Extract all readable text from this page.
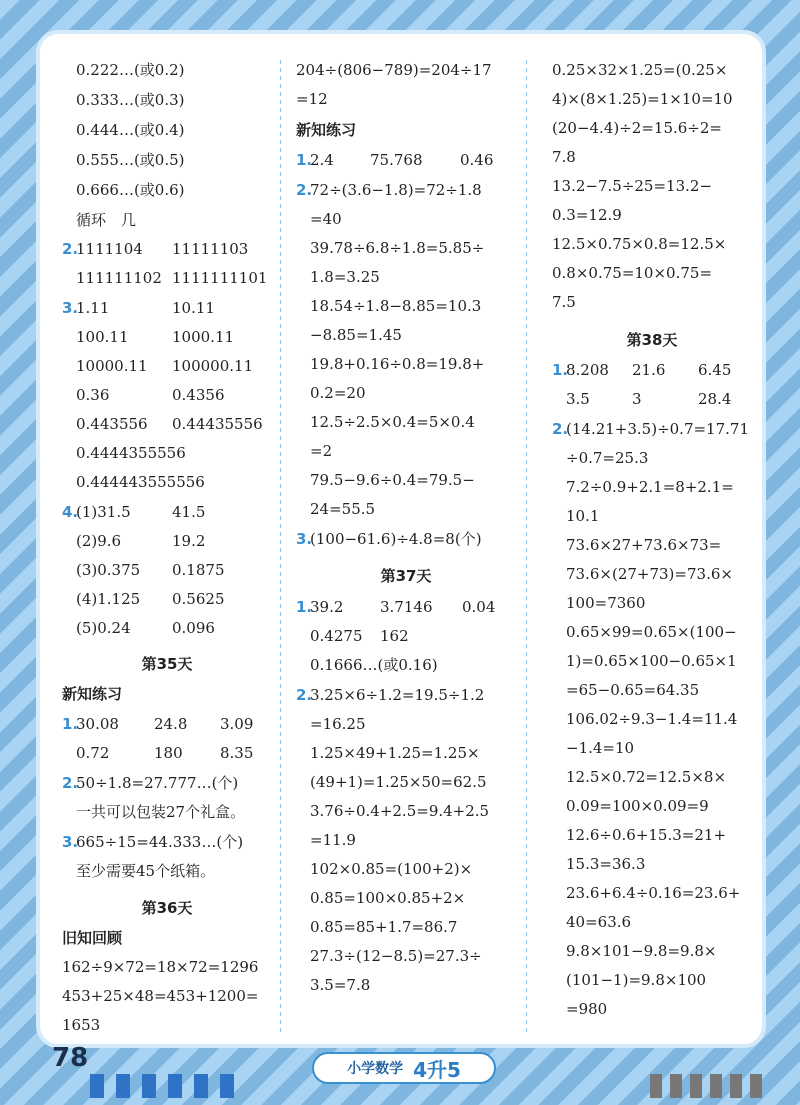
0.222…(或0.2)
0.333…(或0.3)
0.444…(或0.4)
0.555…(或0.5)
0.666…(或0.6)
循环　几
2.
1111104 11111103
111111102 1111111101
3.
1.11	10.11
100.11	1000.11
10000.11 100000.11
0.36	0.4356
0.443556 0.44435556
0.4444355556
0.444443555556
4.
(1)31.5	41.5
(2)9.6	19.2
(3)0.375 0.1875
(4)1.125 0.5625
(5)0.24	0.096
第35天
新知练习
1.
30.08 24.8 3.09
0.72	180 8.35
2.
50÷1.8=27.777…(个)
一共可以包装27个礼盒。
3.
665÷15=44.333…(个)
至少需要45个纸箱。
第36天
旧知回顾
162÷9×72=18×72=1296
453+25×48=453+1200=
1653
204÷(806−789)=204÷17
=12
新知练习
1.
2.4 75.768	0.46
2.
72÷(3.6−1.8)=72÷1.8
=40
39.78÷6.8÷1.8=5.85÷
1.8=3.25
18.54÷1.8−8.85=10.3
−8.85=1.45
19.8+0.16÷0.8=19.8+
0.2=20
12.5÷2.5×0.4=5×0.4
=2
79.5−9.6÷0.4=79.5−
24=55.5
3.
(100−61.6)÷4.8=8(个)
第37天
1.
39.2 3.7146 0.04
0.4275 162
0.1666…(或0.16)
2.
3.25×6÷1.2=19.5÷1.2
=16.25
1.25×49+1.25=1.25×
(49+1)=1.25×50=62.5
3.76÷0.4+2.5=9.4+2.5
=11.9
102×0.85=(100+2)×
0.85=100×0.85+2×
0.85=85+1.7=86.7
27.3÷(12−8.5)=27.3÷
3.5=7.8
0.25×32×1.25=(0.25×
4)×(8×1.25)=1×10=10
(20−4.4)÷2=15.6÷2=
7.8
13.2−7.5÷25=13.2−
0.3=12.9
12.5×0.75×0.8=12.5×
0.8×0.75=10×0.75=
7.5
第38天
1.
8.208 21.6 6.45
3.5	3	28.4
2.
(14.21+3.5)÷0.7=17.71
÷0.7=25.3
7.2÷0.9+2.1=8+2.1=
10.1
73.6×27+73.6×73=
73.6×(27+73)=73.6×
100=7360
0.65×99=0.65×(100−
1)=0.65×100−0.65×1
=65−0.65=64.35
106.02÷9.3−1.4=11.4
−1.4=10
12.5×0.72=12.5×8×
0.09=100×0.09=9
12.6÷0.6+15.3=21+
15.3=36.3
23.6+6.4÷0.16=23.6+
40=63.6
9.8×101−9.8=9.8×
(101−1)=9.8×100
=980
78	小学数学 4升5
